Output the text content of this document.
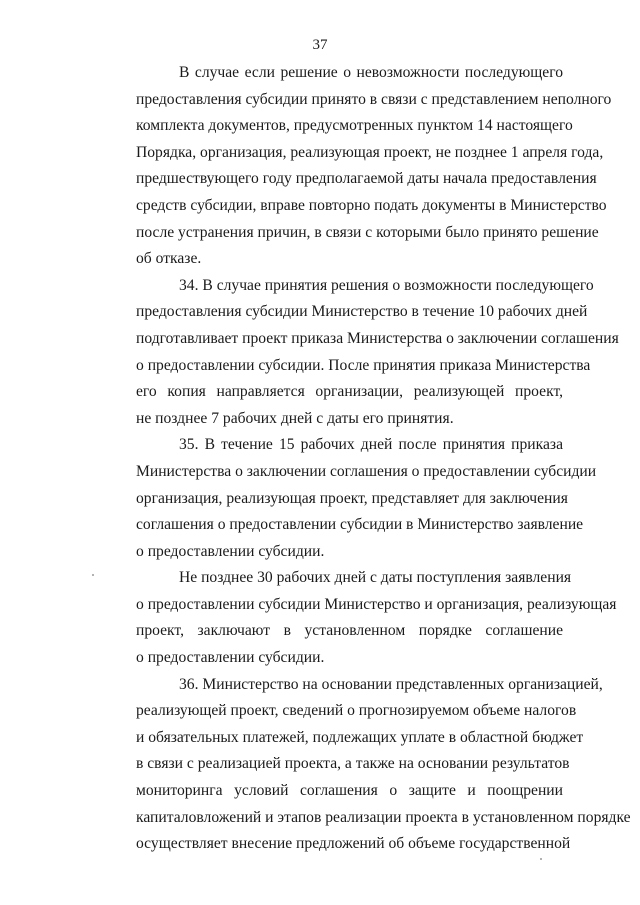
37
В случае если решение о невозможности последующего
предоставления субсидии принято в связи с представлением неполного
комплекта документов, предусмотренных пунктом 14 настоящего
Порядка, организация, реализующая проект, не позднее 1 апреля года,
предшествующего году предполагаемой даты начала предоставления
средств субсидии, вправе повторно подать документы в Министерство
после устранения причин, в связи с которыми было принято решение
об отказе.
34. В случае принятия решения о возможности последующего
предоставления субсидии Министерство в течение 10 рабочих дней
подготавливает проект приказа Министерства о заключении соглашения
о предоставлении субсидии. После принятия приказа Министерства
его копия направляется организации, реализующей проект,
не позднее 7 рабочих дней с даты его принятия.
35. В течение 15 рабочих дней после принятия приказа
Министерства о заключении соглашения о предоставлении субсидии
организация, реализующая проект, представляет для заключения
соглашения о предоставлении субсидии в Министерство заявление
о предоставлении субсидии.
Не позднее 30 рабочих дней с даты поступления заявления
о предоставлении субсидии Министерство и организация, реализующая
проект, заключают в установленном порядке соглашение
о предоставлении субсидии.
36. Министерство на основании представленных организацией,
реализующей проект, сведений о прогнозируемом объеме налогов
и обязательных платежей, подлежащих уплате в областной бюджет
в связи с реализацией проекта, а также на основании результатов
мониторинга условий соглашения о защите и поощрении
капиталовложений и этапов реализации проекта в установленном порядке
осуществляет внесение предложений об объеме государственной
